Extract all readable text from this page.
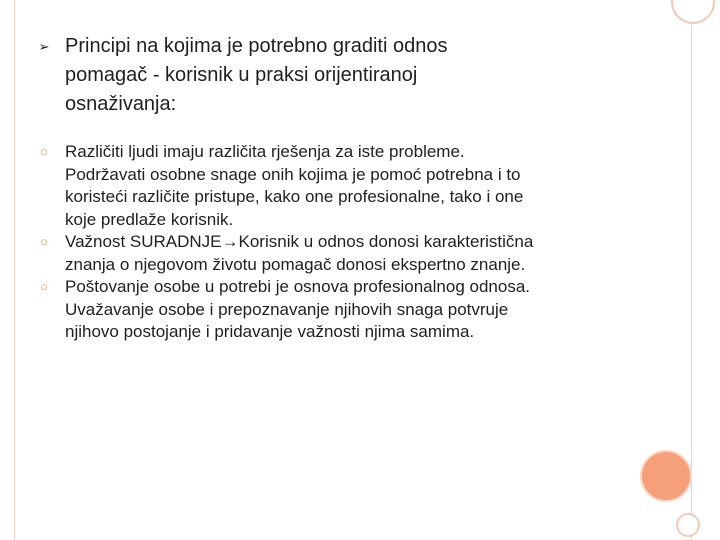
➢ Principi na kojima je potrebno graditi odnos
pomagač - korisnik u praksi orijentiranoj
osnaživanja:
○ Različiti ljudi imaju različita rješenja za iste probleme.
Podržavati osobne snage onih kojima je pomoć potrebna i to
koristeći različite pristupe, kako one profesionalne, tako i one
koje predlaže korisnik.
○ Važnost SURADNJE→Korisnik u odnos donosi karakteristična
znanja o njegovom životu pomagač donosi ekspertno znanje.
○ Poštovanje osobe u potrebi je osnova profesionalnog odnosa.
Uvažavanje osobe i prepoznavanje njihovih snaga potvruje
njihovo postojanje i pridavanje važnosti njima samima.
